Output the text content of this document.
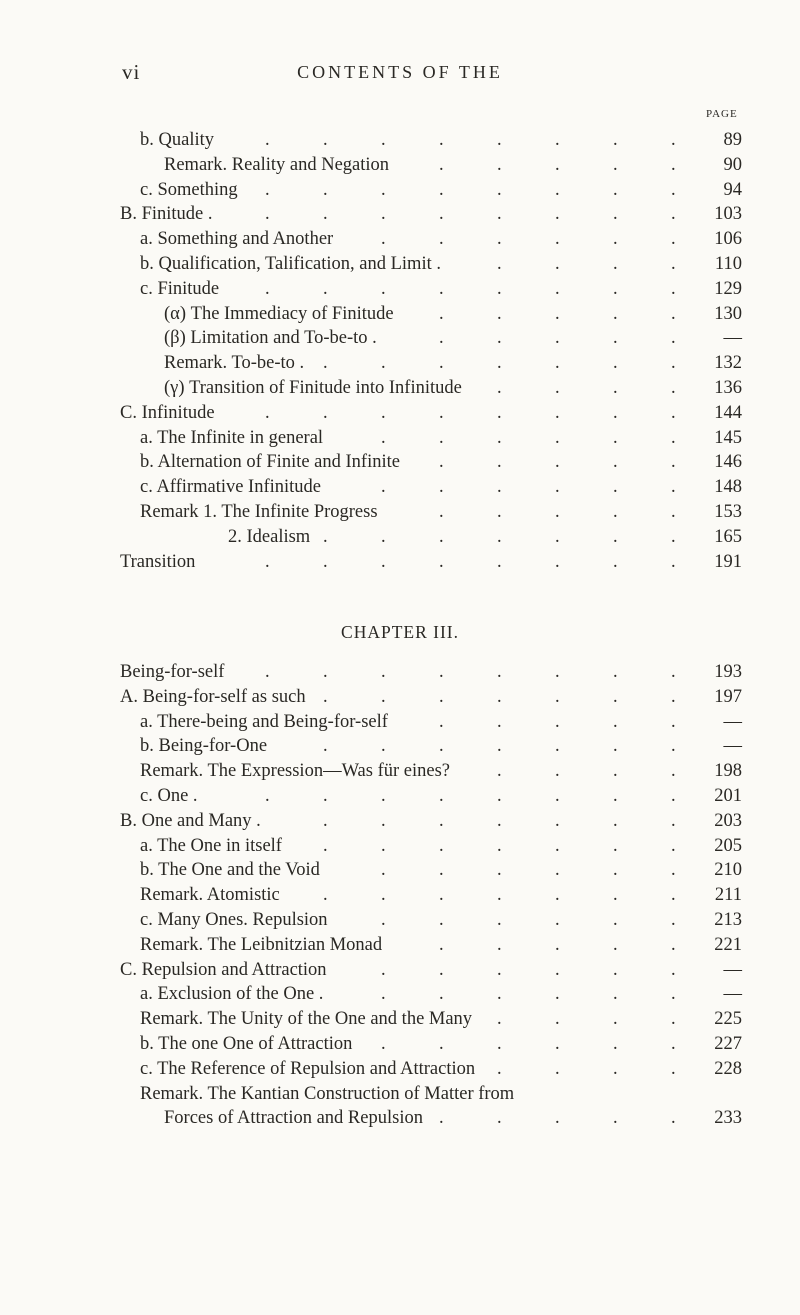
vi	CONTENTS OF THE
PAGE
b. Quality	89
.	.	.	.	.	.	.	.
Remark. Reality and Negation	90
.	.	.	.	.
c. Something	94
.	.	.	.	.	.	.	.
B. Finitude .	103
.	.	.	.	.	.	.	.
a. Something and Another	106
.	.	.	.	.	.
b. Qualification, Talification, and Limit .	110
.	.	.	.
c. Finitude	129
.	.	.	.	.	.	.	.
(α) The Immediacy of Finitude	130
.	.	.	.	.
(β) Limitation and To-be-to .	—
.	.	.	.	.
Remark. To-be-to .	132
.	.	.	.	.	.	.
(γ) Transition of Finitude into Infinitude	136
.	.	.	.
C. Infinitude	144
.	.	.	.	.	.	.	.
a. The Infinite in general	145
.	.	.	.	.	.
b. Alternation of Finite and Infinite	146
.	.	.	.	.
c. Affirmative Infinitude	148
.	.	.	.	.	.
Remark 1. The Infinite Progress	153
.	.	.	.	.
2. Idealism	165
.	.	.	.	.	.	.
Transition	191
.	.	.	.	.	.	.	.
CHAPTER III.
Being-for-self	193
.	.	.	.	.	.	.	.
A. Being-for-self as such	197
.	.	.	.	.	.	.
a. There-being and Being-for-self	—
.	.	.	.	.
b. Being-for-One	—
.	.	.	.	.	.	.
Remark. The Expression—Was für eines?	198
.	.	.	.
c. One .	201
.	.	.	.	.	.	.	.
B. One and Many .	203
.	.	.	.	.	.	.
a. The One in itself	205
.	.	.	.	.	.	.
b. The One and the Void	210
.	.	.	.	.	.
Remark. Atomistic	211
.	.	.	.	.	.	.
c. Many Ones. Repulsion	213
.	.	.	.	.	.
Remark. The Leibnitzian Monad	221
.	.	.	.	.
C. Repulsion and Attraction	—
.	.	.	.	.	.
a. Exclusion of the One .	—
.	.	.	.	.	.
Remark. The Unity of the One and the Many	225
.	.	.	.
b. The one One of Attraction	227
.	.	.	.	.	.
c. The Reference of Repulsion and Attraction	228
.	.	.	.
Remark. The Kantian Construction of Matter from
Forces of Attraction and Repulsion	233
.	.	.	.	.
